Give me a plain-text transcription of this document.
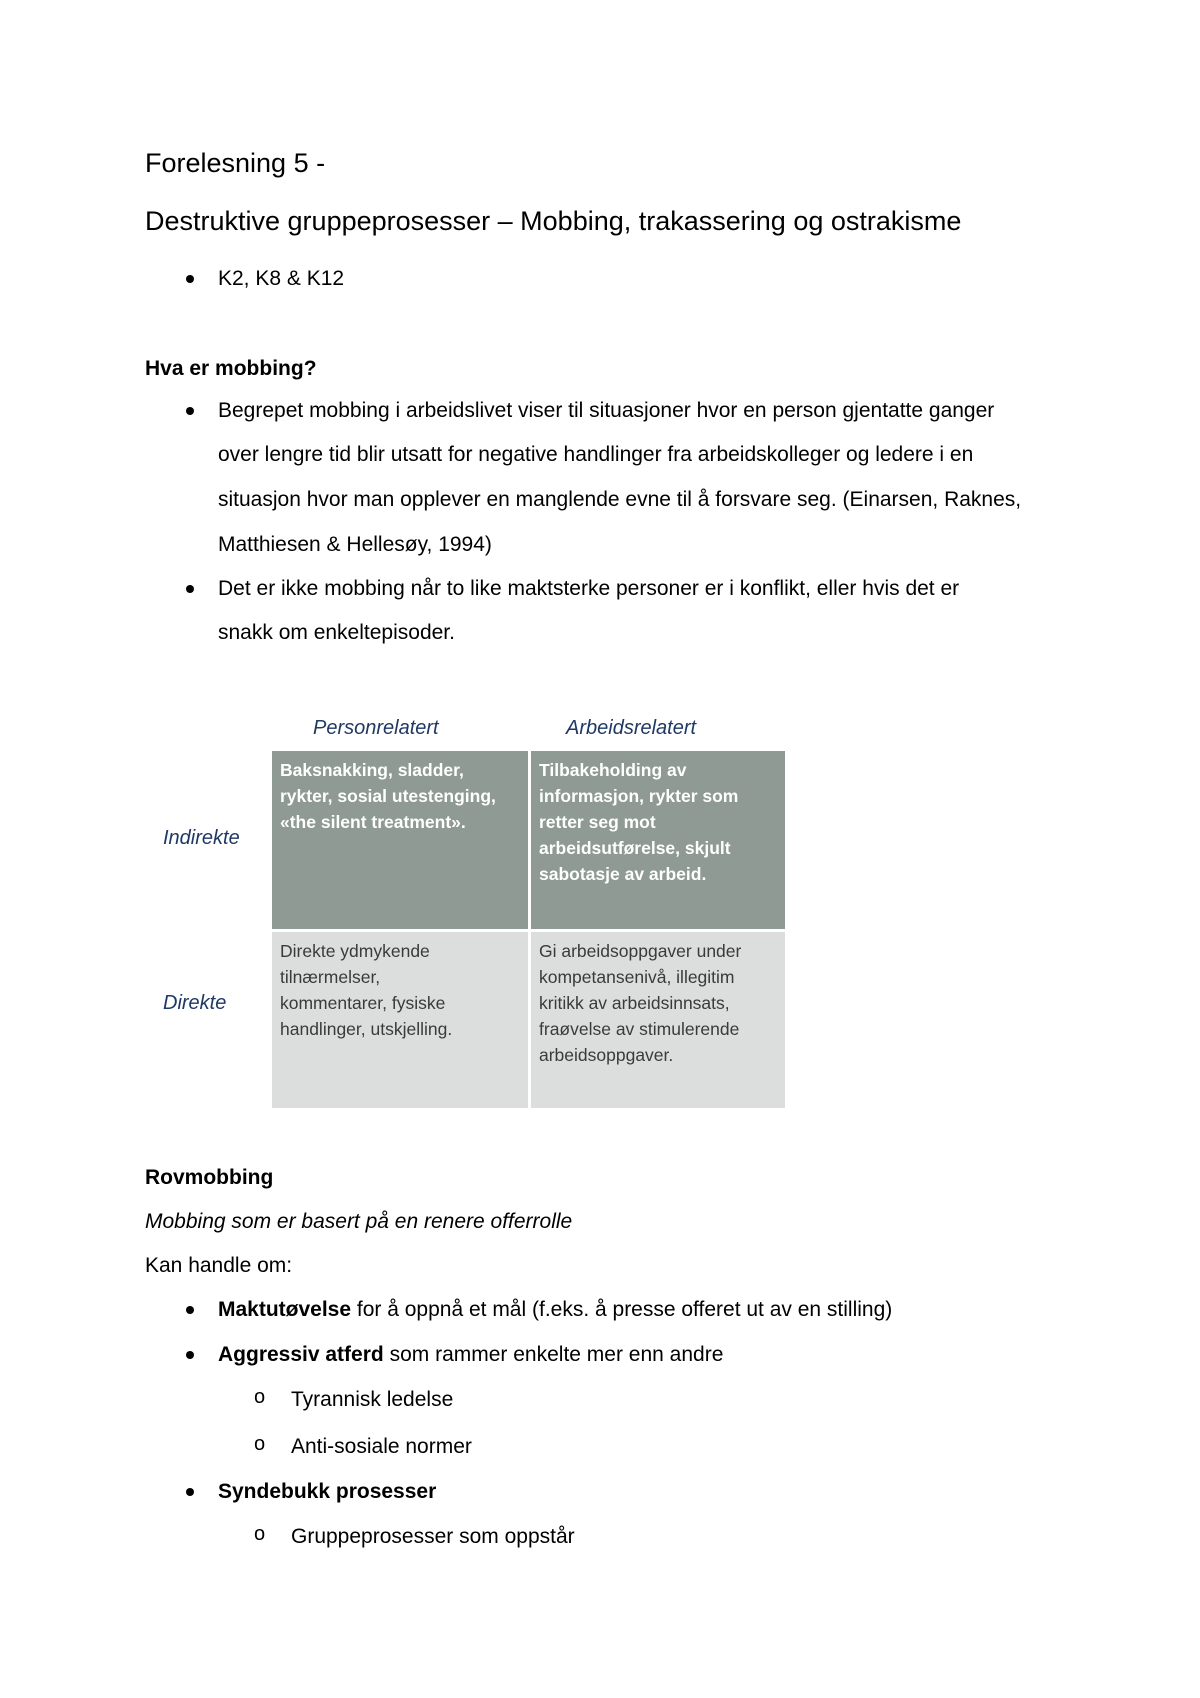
Forelesning 5 -
Destruktive gruppeprosesser – Mobbing, trakassering og ostrakisme
K2, K8 & K12
Hva er mobbing?
Begrepet mobbing i arbeidslivet viser til situasjoner hvor en person gjentatte ganger
over lengre tid blir utsatt for negative handlinger fra arbeidskolleger og ledere i en
situasjon hvor man opplever en manglende evne til å forsvare seg. (Einarsen, Raknes,
Matthiesen & Hellesøy, 1994)
Det er ikke mobbing når to like maktsterke personer er i konflikt, eller hvis det er
snakk om enkeltepisoder.
Personrelatert	Arbeidsrelatert
Indirekte
Direkte
Baksnakking, sladder,
rykter, sosial utestenging,
«the silent treatment».
Tilbakeholding av
informasjon, rykter som
retter seg mot
arbeidsutførelse, skjult
sabotasje av arbeid.
Direkte ydmykende
tilnærmelser,
kommentarer, fysiske
handlinger, utskjelling.
Gi arbeidsoppgaver under
kompetansenivå, illegitim
kritikk av arbeidsinnsats,
fraøvelse av stimulerende
arbeidsoppgaver.
Rovmobbing
Mobbing som er basert på en renere offerrolle
Kan handle om:
Maktutøvelse for å oppnå et mål (f.eks. å presse offeret ut av en stilling)
Aggressiv atferd som rammer enkelte mer enn andre
o Tyrannisk ledelse
o Anti-sosiale normer
Syndebukk prosesser
o Gruppeprosesser som oppstår
